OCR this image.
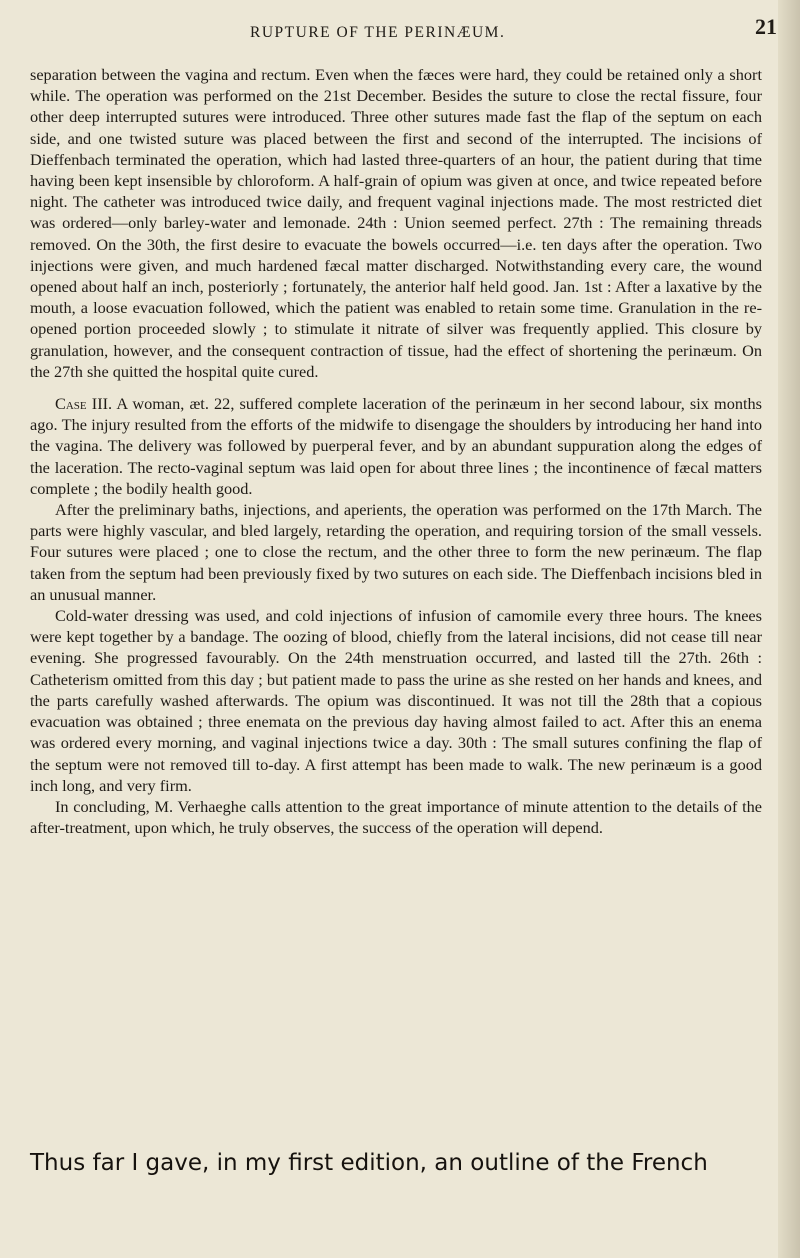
RUPTURE OF THE PERINÆUM.	21

separation between the vagina and rectum. Even when the fæces were hard, they could be retained only a short while. The operation was performed on the 21st December. Besides the suture to close the rectal fissure, four other deep interrupted sutures were introduced. Three other sutures made fast the flap of the septum on each side, and one twisted suture was placed between the first and second of the interrupted. The incisions of Dieffenbach terminated the operation, which had lasted three-quarters of an hour, the patient during that time having been kept insensible by chloroform. A half-grain of opium was given at once, and twice repeated before night. The catheter was introduced twice daily, and frequent vaginal injections made. The most restricted diet was ordered—only barley-water and lemonade. 24th : Union seemed perfect. 27th : The remaining threads removed. On the 30th, the first desire to evacuate the bowels occurred—i.e. ten days after the operation. Two injections were given, and much hardened fæcal matter discharged. Notwithstanding every care, the wound opened about half an inch, posteriorly ; fortunately, the anterior half held good. Jan. 1st : After a laxative by the mouth, a loose evacuation followed, which the patient was enabled to retain some time. Granulation in the re-opened portion proceeded slowly ; to stimulate it nitrate of silver was frequently applied. This closure by granulation, however, and the consequent contraction of tissue, had the effect of shortening the perinæum. On the 27th she quitted the hospital quite cured.

Case III. A woman, æt. 22, suffered complete laceration of the perinæum in her second labour, six months ago. The injury resulted from the efforts of the midwife to disengage the shoulders by introducing her hand into the vagina. The delivery was followed by puerperal fever, and by an abundant suppuration along the edges of the laceration. The recto-vaginal septum was laid open for about three lines ; the incontinence of fæcal matters complete ; the bodily health good.

After the preliminary baths, injections, and aperients, the operation was performed on the 17th March. The parts were highly vascular, and bled largely, retarding the operation, and requiring torsion of the small vessels. Four sutures were placed ; one to close the rectum, and the other three to form the new perinæum. The flap taken from the septum had been previously fixed by two sutures on each side. The Dieffenbach incisions bled in an unusual manner.

Cold-water dressing was used, and cold injections of infusion of camomile every three hours. The knees were kept together by a bandage. The oozing of blood, chiefly from the lateral incisions, did not cease till near evening. She progressed favourably. On the 24th menstruation occurred, and lasted till the 27th. 26th : Catheterism omitted from this day ; but patient made to pass the urine as she rested on her hands and knees, and the parts carefully washed afterwards. The opium was discontinued. It was not till the 28th that a copious evacuation was obtained ; three enemata on the previous day having almost failed to act. After this an enema was ordered every morning, and vaginal injections twice a day. 30th : The small sutures confining the flap of the septum were not removed till to-day. A first attempt has been made to walk. The new perinæum is a good inch long, and very firm.

In concluding, M. Verhaeghe calls attention to the great importance of minute attention to the details of the after-treatment, upon which, he truly observes, the success of the operation will depend.

Thus far I gave, in my first edition, an outline of the French
